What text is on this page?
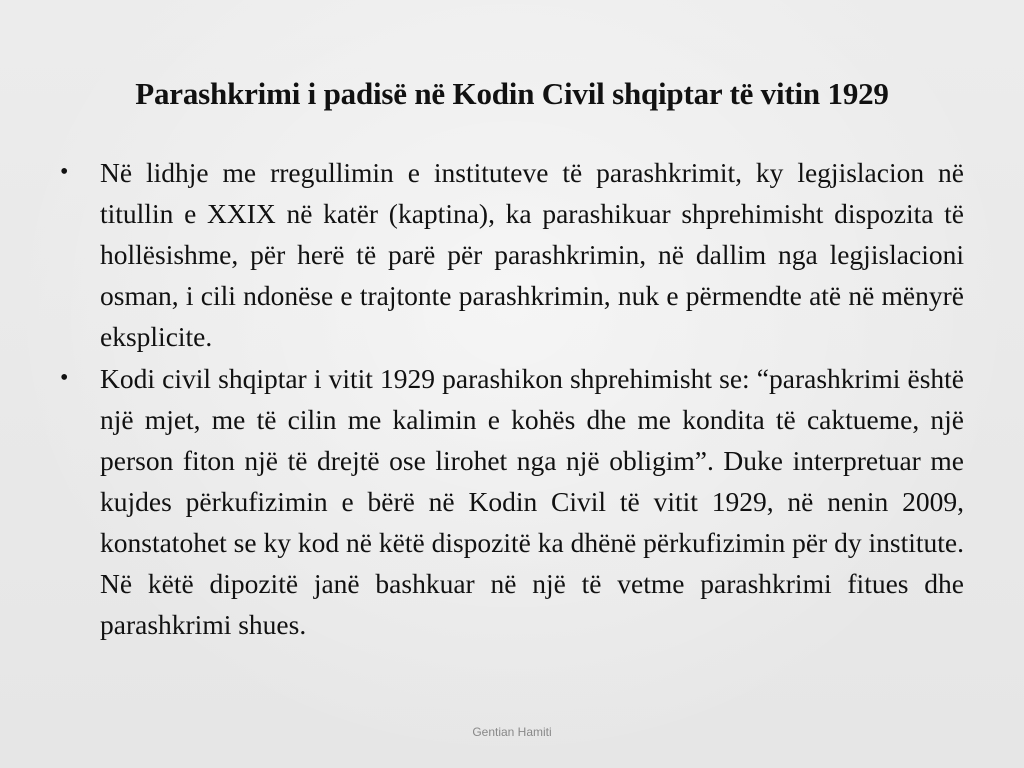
Parashkrimi i padisë në Kodin Civil shqiptar të vitin 1929
•	Në lidhje me rregullimin e instituteve të parashkrimit, ky legjislacion në titullin e XXIX në katër (kaptina), ka parashikuar shprehimisht dispozita të hollësishme, për herë të parë për parashkrimin, në dallim nga legjislacioni osman, i cili ndonëse e trajtonte parashkrimin, nuk e përmendte atë në mënyrë eksplicite.
•	Kodi civil shqiptar i vitit 1929 parashikon shprehimisht se: “parashkrimi është një mjet, me të cilin me kalimin e kohës dhe me kondita të caktueme, një person fiton një të drejtë ose lirohet nga një obligim”. Duke interpretuar me kujdes përkufizimin e bërë në Kodin Civil të vitit 1929, në nenin 2009, konstatohet se ky kod në këtë dispozitë ka dhënë përkufizimin për dy institute. Në këtë dipozitë janë bashkuar në një të vetme parashkrimi fitues dhe parashkrimi shues.
Gentian Hamiti
